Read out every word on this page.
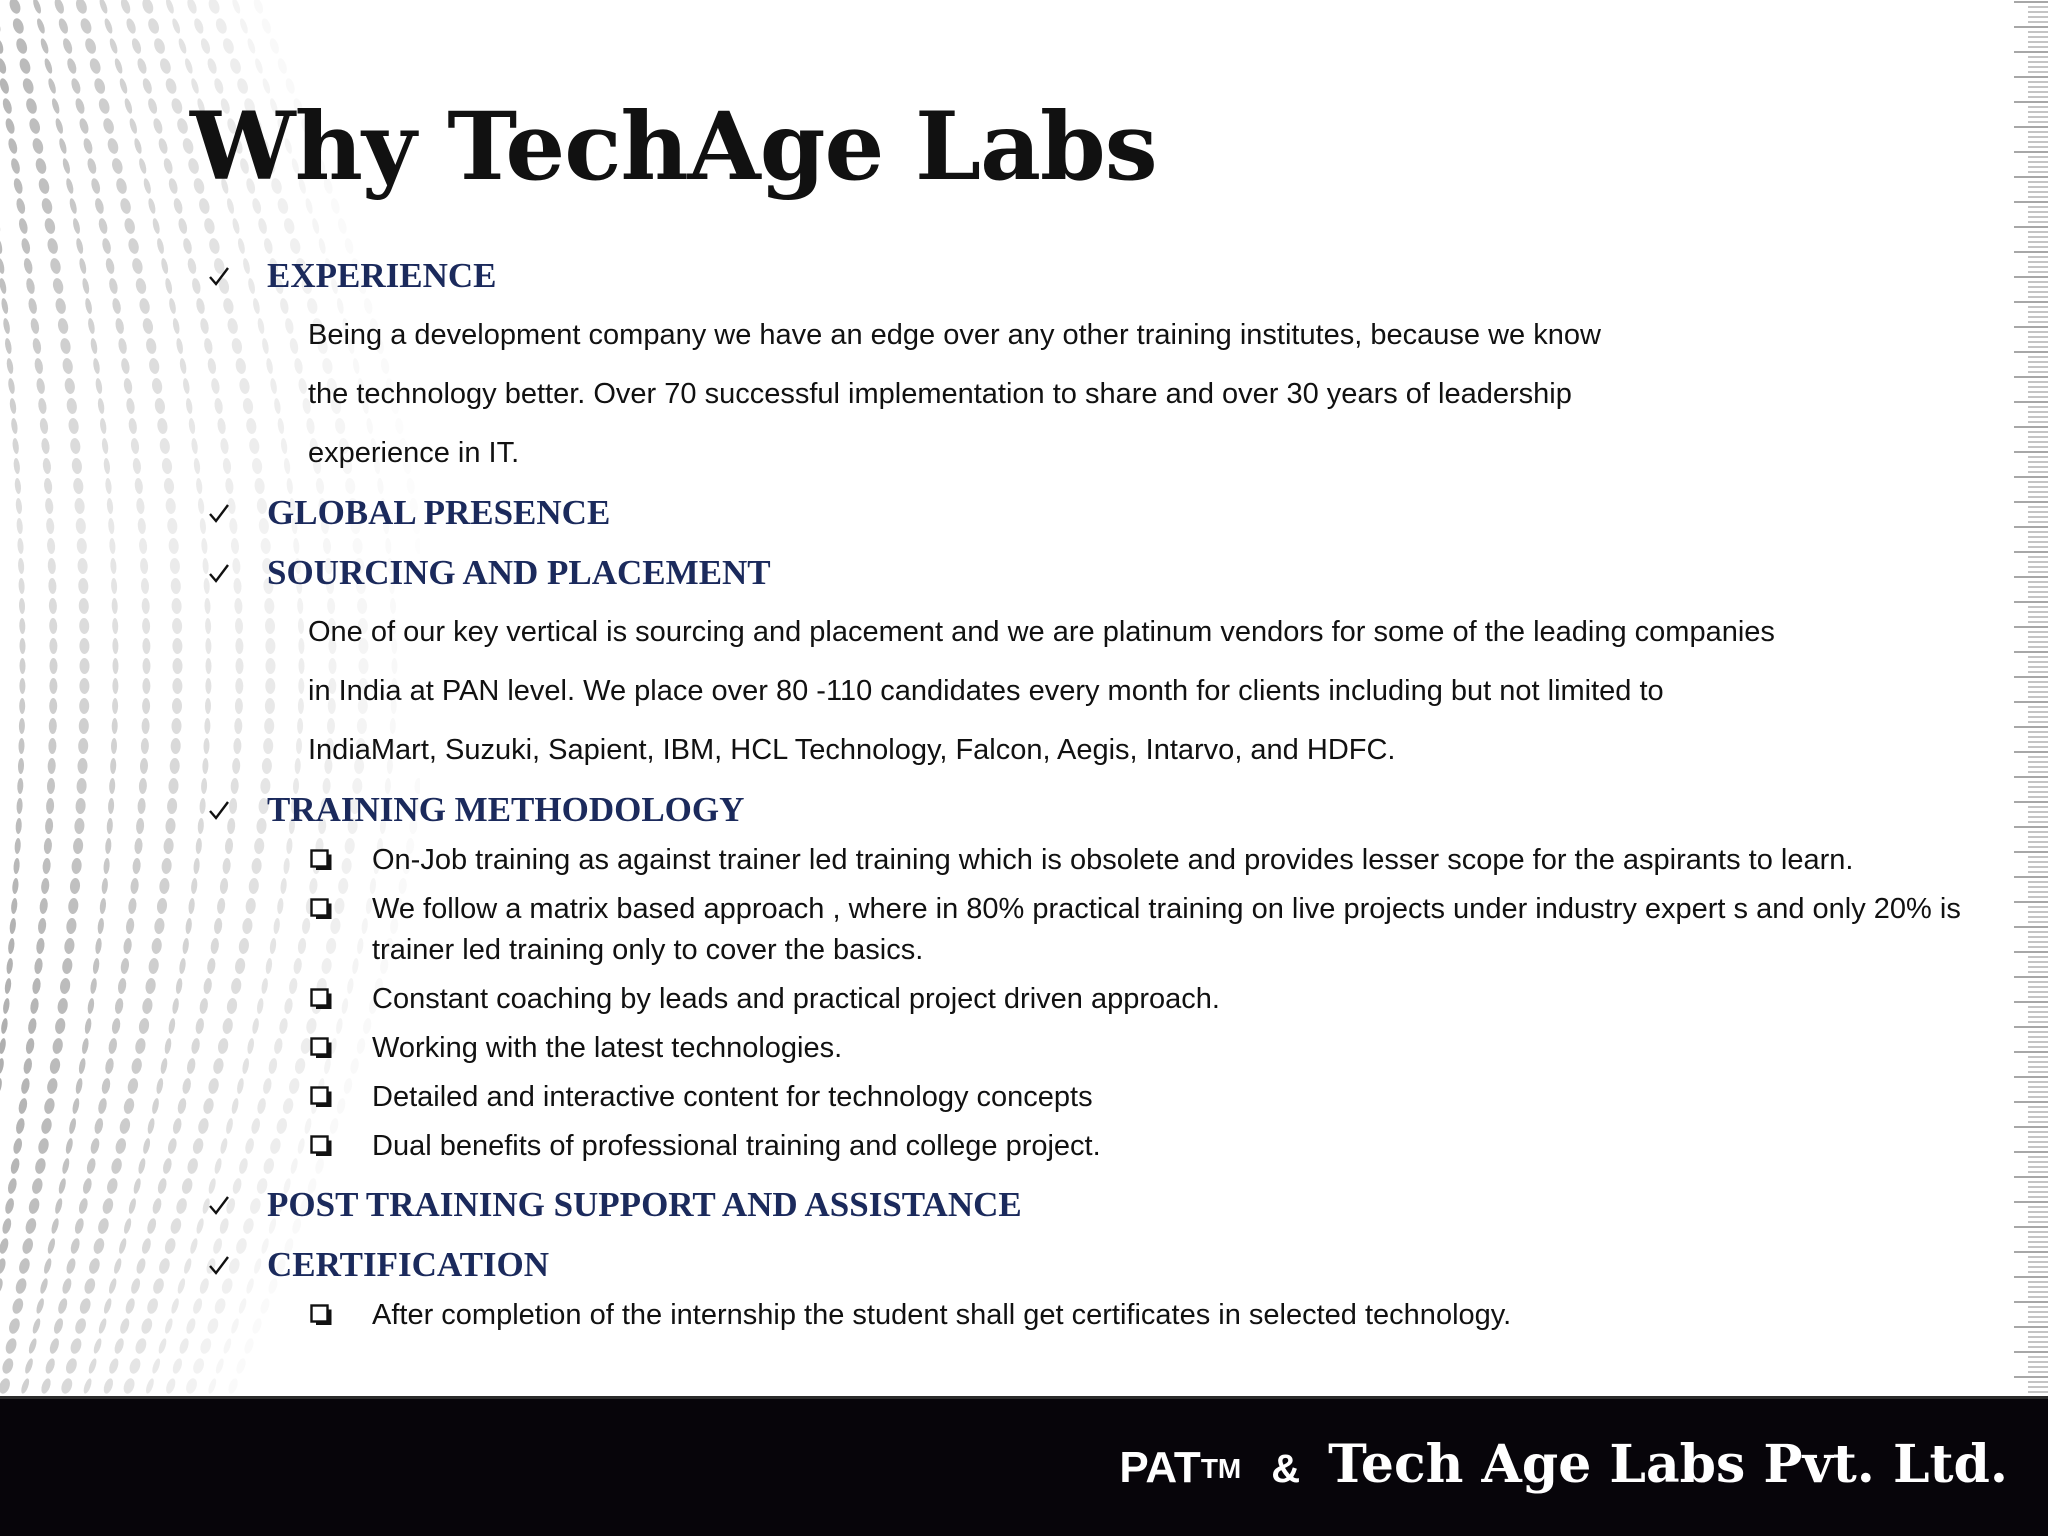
Why TechAge Labs
EXPERIENCE

Being a development company we have an edge over any other training institutes, because we know
the technology better. Over 70 successful implementation to share and over 30 years of leadership
experience in IT.

GLOBAL PRESENCE
SOURCING AND PLACEMENT

One of our key vertical is sourcing and placement and we are platinum vendors for some of the leading companies
in India at PAN level. We place over 80 -110 candidates every month for clients including but not limited to
IndiaMart, Suzuki, Sapient, IBM, HCL Technology, Falcon, Aegis, Intarvo, and HDFC.

TRAINING METHODOLOGY
On-Job training as against trainer led training which is obsolete and provides lesser scope for the aspirants to learn.
We follow a matrix based approach , where in 80% practical training on live projects under industry expert s and only 20% is trainer led training only to cover the basics.
Constant coaching by leads and practical project driven approach.
Working with the latest technologies.
Detailed and interactive content for technology concepts
Dual benefits of professional training and college project.
POST TRAINING SUPPORT AND ASSISTANCE
CERTIFICATION
After completion of the internship the student shall get certificates in selected technology.
PAT TM & Tech Age Labs Pvt. Ltd.
